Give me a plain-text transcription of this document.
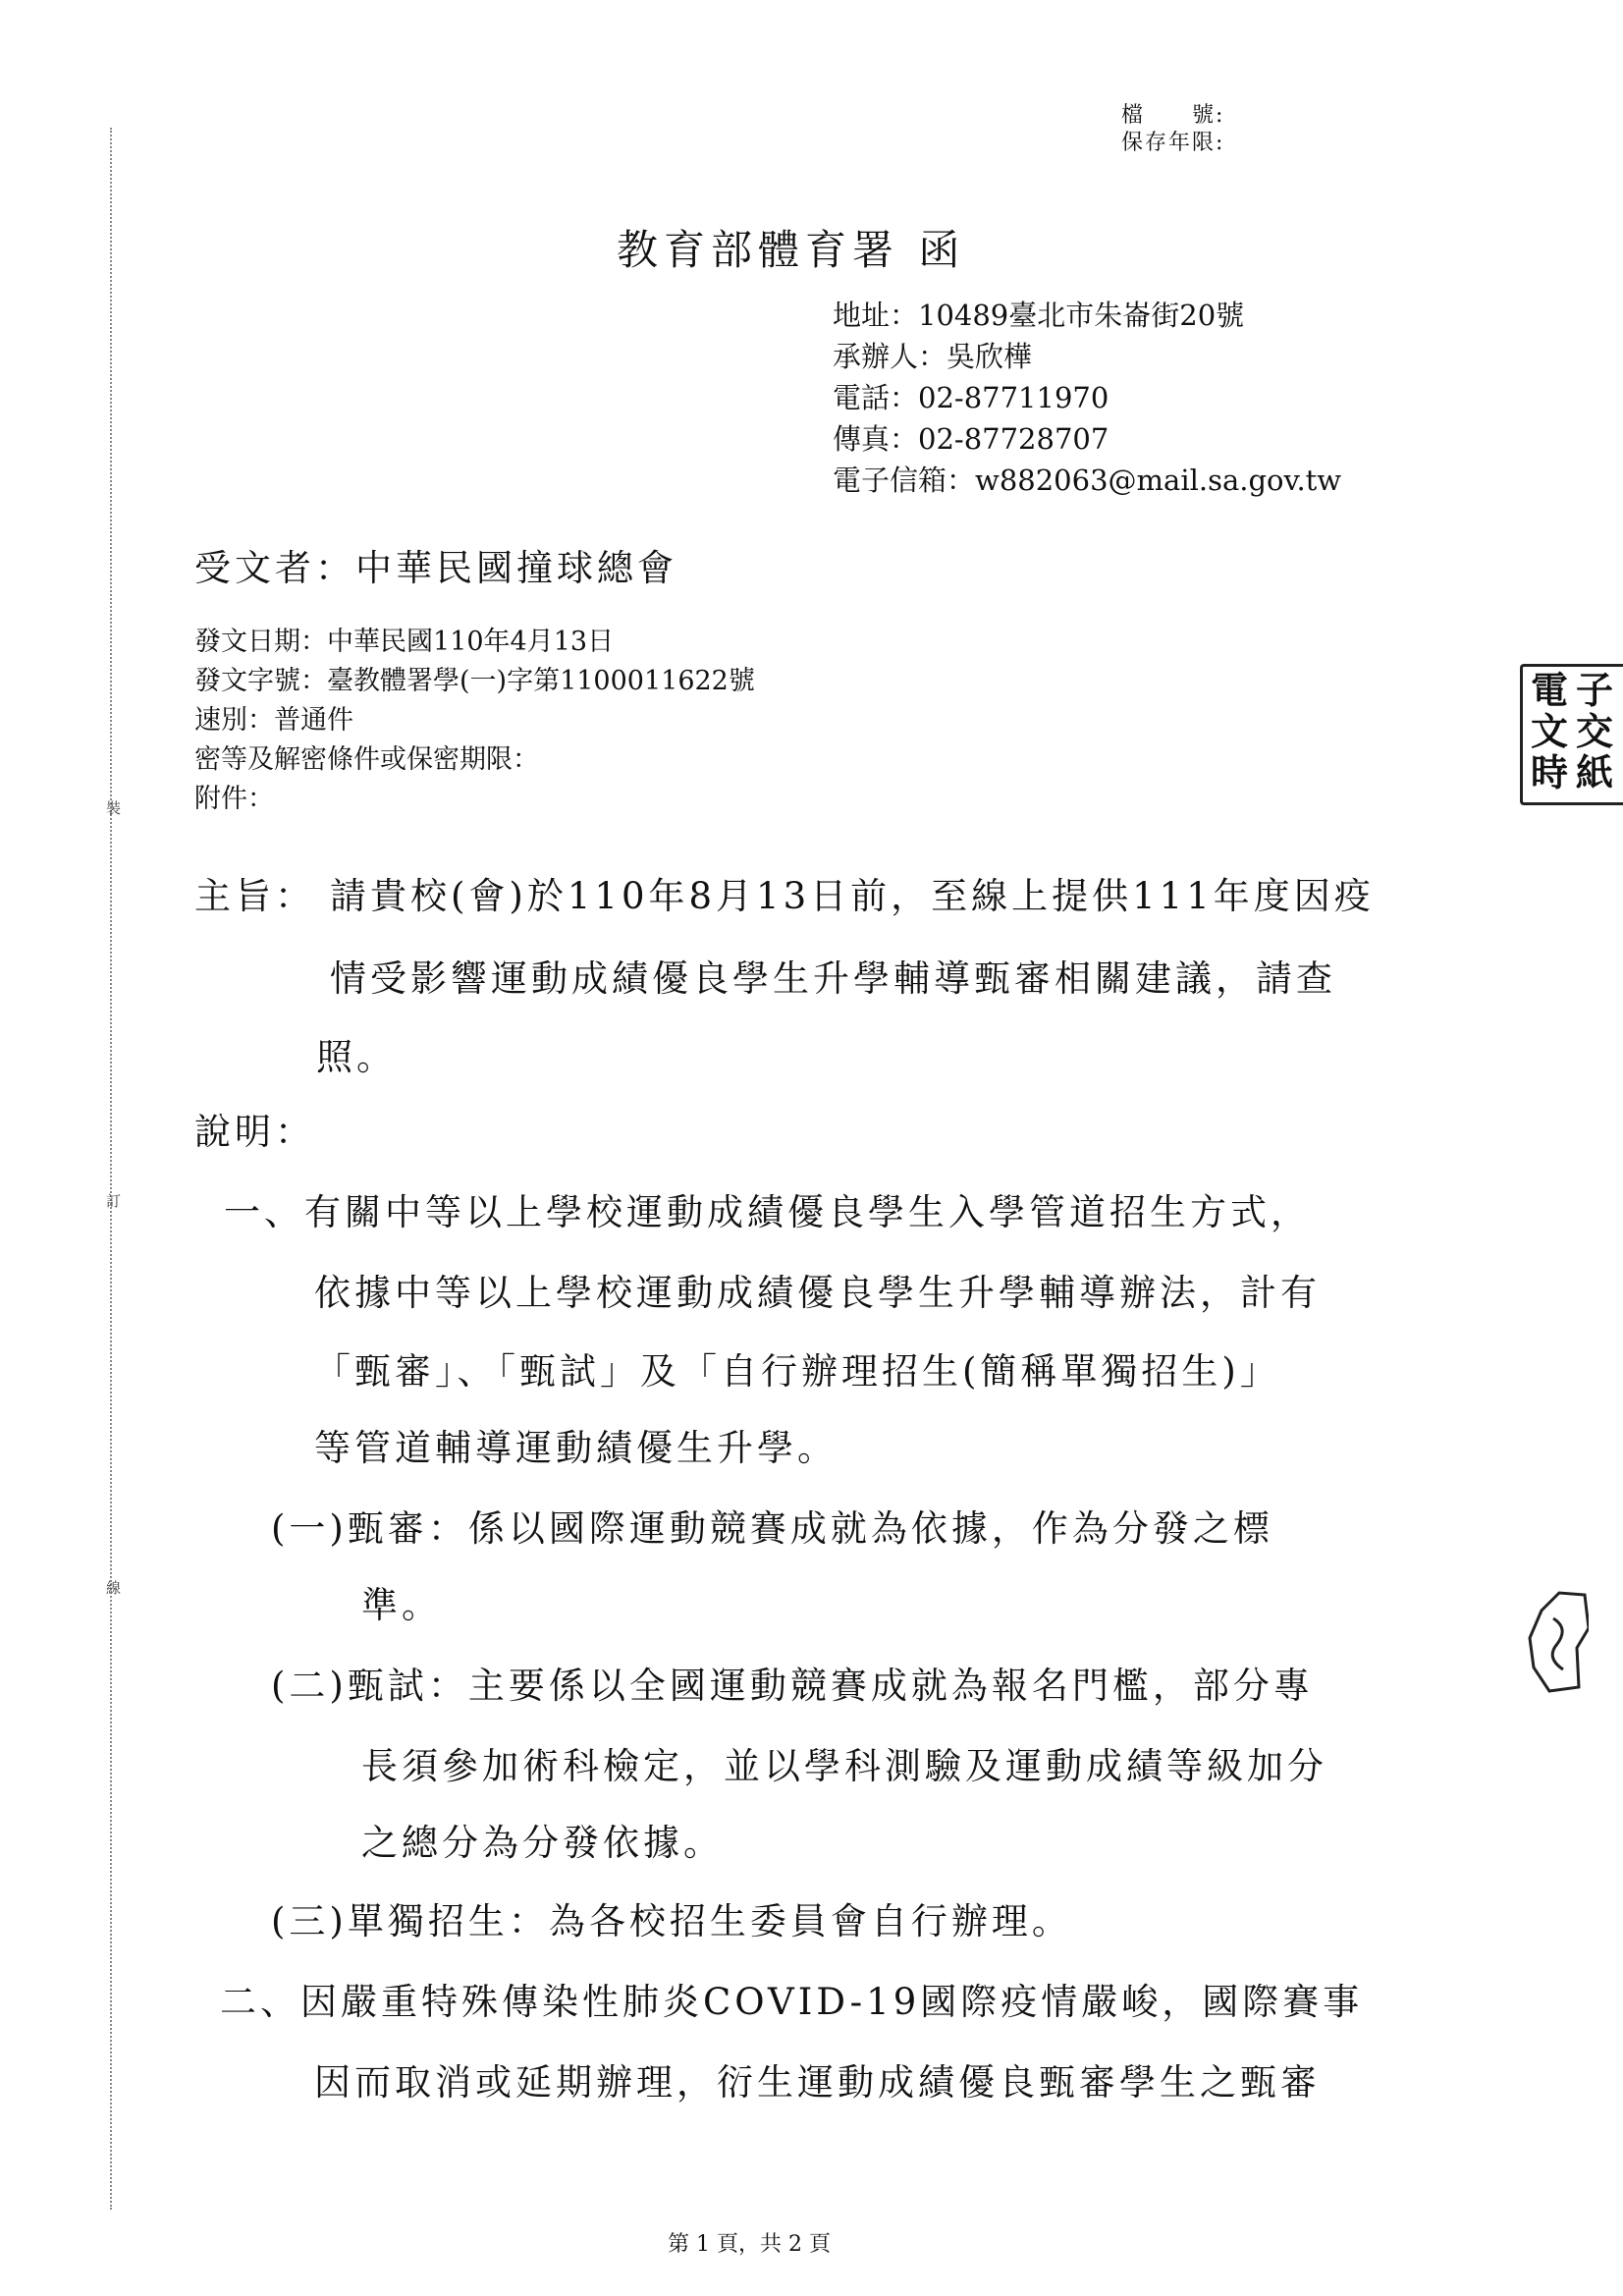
裝
訂
線
檔　　號:
保存年限:
教育部體育署 函
地址：10489臺北市朱崙街20號
承辦人：吳欣樺
電話：02-87711970
傳真：02-87728707
電子信箱：w882063@mail.sa.gov.tw
受文者：中華民國撞球總會
發文日期：中華民國110年4月13日
發文字號：臺教體署學(一)字第1100011622號
速別：普通件
密等及解密條件或保密期限：
附件：
主旨： 請貴校(會)於110年8月13日前，至線上提供111年度因疫
情受影響運動成績優良學生升學輔導甄審相關建議，請查
照。
說明：
一、有關中等以上學校運動成績優良學生入學管道招生方式，
依據中等以上學校運動成績優良學生升學輔導辦法，計有
「甄審」、「甄試」及「自行辦理招生(簡稱單獨招生)」
等管道輔導運動績優生升學。
(一)甄審：係以國際運動競賽成就為依據，作為分發之標
準。
(二)甄試：主要係以全國運動競賽成就為報名門檻，部分專
長須參加術科檢定，並以學科測驗及運動成績等級加分
之總分為分發依據。
(三)單獨招生：為各校招生委員會自行辦理。
二、因嚴重特殊傳染性肺炎COVID-19國際疫情嚴峻，國際賽事
因而取消或延期辦理，衍生運動成績優良甄審學生之甄審
電 子
文 交
時 紙
第 1 頁，共 2 頁
